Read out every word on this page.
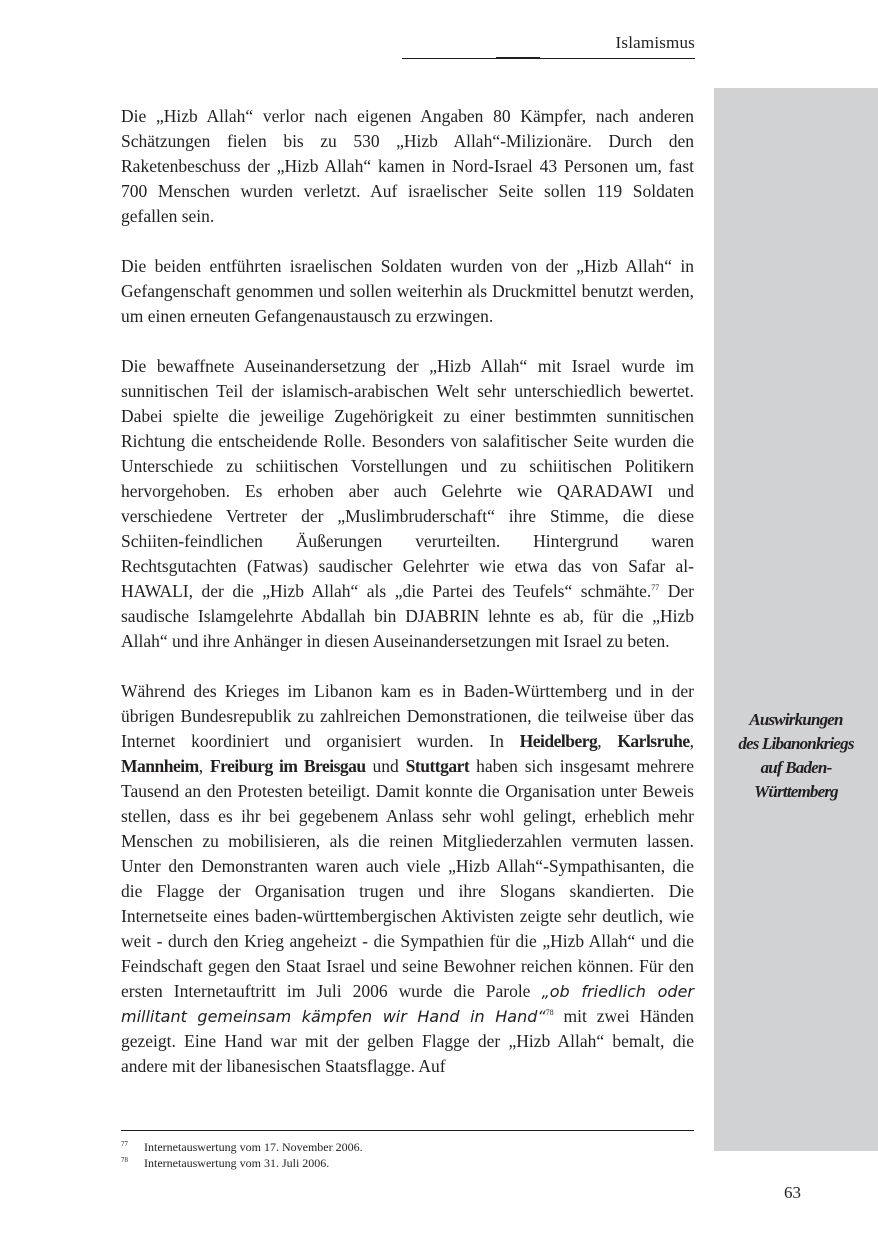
Islamismus
Auswirkungen
des Libanonkriegs
auf Baden-
Württemberg

Die „Hizb Allah“ verlor nach eigenen Angaben 80 Kämpfer, nach anderen Schätzungen fielen bis zu 530 „Hizb Allah“-Milizionäre. Durch den Raketenbeschuss der „Hizb Allah“ kamen in Nord-Israel 43 Personen um, fast 700 Menschen wurden verletzt. Auf israelischer Seite sollen 119 Soldaten gefallen sein.

Die beiden entführten israelischen Soldaten wurden von der „Hizb Allah“ in Gefangenschaft genommen und sollen weiterhin als Druckmittel benutzt werden, um einen erneuten Gefangenaustausch zu erzwingen.

Die bewaffnete Auseinandersetzung der „Hizb Allah“ mit Israel wurde im sunnitischen Teil der islamisch-arabischen Welt sehr unterschiedlich bewertet. Dabei spielte die jeweilige Zugehörigkeit zu einer bestimmten sunnitischen Richtung die entscheidende Rolle. Besonders von salafitischer Seite wurden die Unterschiede zu schiitischen Vorstellungen und zu schiitischen Politikern hervorgehoben. Es erhoben aber auch Gelehrte wie QARADAWI und verschiedene Vertreter der „Muslimbruderschaft“ ihre Stimme, die diese Schiiten-feindlichen Äußerungen verurteilten. Hintergrund waren Rechtsgutachten (Fatwas) saudischer Gelehrter wie etwa das von Safar al-HAWALI, der die „Hizb Allah“ als „die Partei des Teufels“ schmähte.$^{77}$ Der saudische Islamgelehrte Abdallah bin DJABRIN lehnte es ab, für die „Hizb Allah“ und ihre Anhänger in diesen Auseinandersetzungen mit Israel zu beten.

Während des Krieges im Libanon kam es in Baden-Württemberg und in der übrigen Bundesrepublik zu zahlreichen Demonstrationen, die teilweise über das Internet koordiniert und organisiert wurden. In Heidelberg, Karlsruhe, Mannheim, Freiburg im Breisgau und Stuttgart haben sich insgesamt mehrere Tausend an den Protesten beteiligt. Damit konnte die Organisation unter Beweis stellen, dass es ihr bei gegebenem Anlass sehr wohl gelingt, erheblich mehr Menschen zu mobilisieren, als die reinen Mitgliederzahlen vermuten lassen. Unter den Demonstranten waren auch viele „Hizb Allah“-Sympathisanten, die die Flagge der Organisation trugen und ihre Slogans skandierten. Die Internetseite eines baden-württembergischen Aktivisten zeigte sehr deutlich, wie weit - durch den Krieg angeheizt - die Sympathien für die „Hizb Allah“ und die Feindschaft gegen den Staat Israel und seine Bewohner reichen können. Für den ersten Internetauftritt im Juli 2006 wurde die Parole „ob friedlich oder millitant gemeinsam kämpfen wir Hand in Hand“$^{78}$ mit zwei Händen gezeigt. Eine Hand war mit der gelben Flagge der „Hizb Allah“ bemalt, die andere mit der libanesischen Staatsflagge. Auf

77	Internetauswertung vom 17. November 2006.
78	Internetauswertung vom 31. Juli 2006.
63
